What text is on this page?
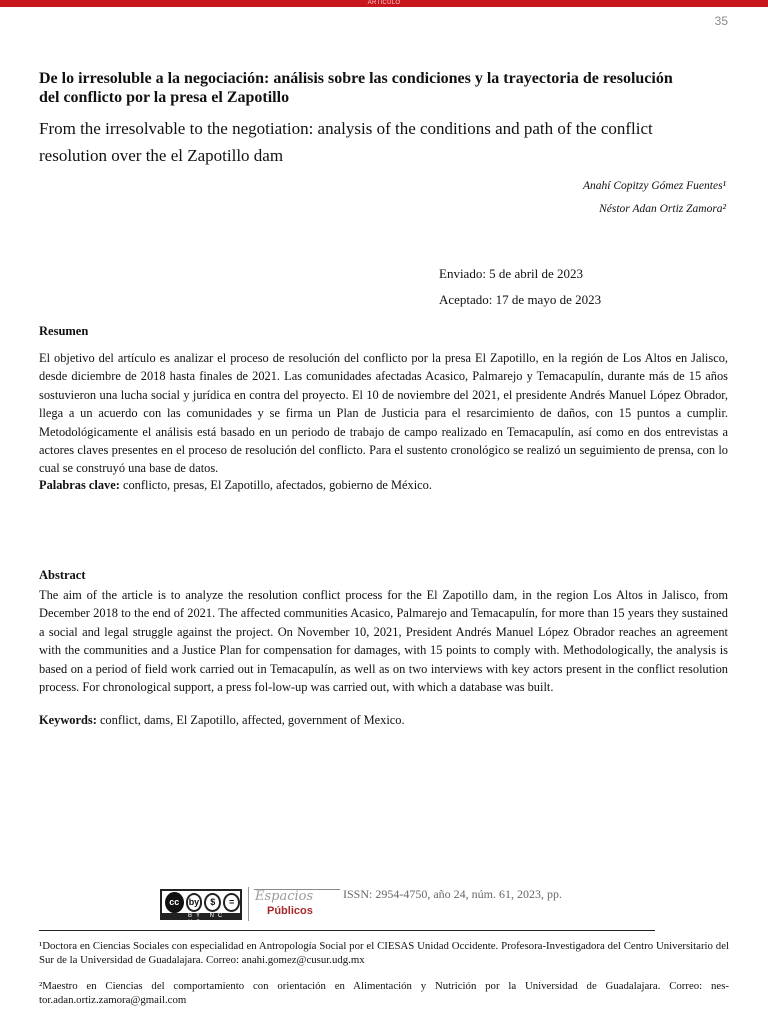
ARTÍCULO
35
De lo irresoluble a la negociación: análisis sobre las condiciones y la trayectoria de resolución del conflicto por la presa el Zapotillo
From the irresolvable to the negotiation: analysis of the conditions and path of the conflict resolution over the el Zapotillo dam
Anahí Copitzy Gómez Fuentes¹
Néstor Adan Ortiz Zamora²
Enviado: 5 de abril de 2023
Aceptado: 17 de mayo de 2023
Resumen

El objetivo del artículo es analizar el proceso de resolución del conflicto por la presa El Zapotillo, en la región de Los Altos en Jalisco, desde diciembre de 2018 hasta finales de 2021. Las comunidades afectadas Acasico, Palmarejo y Temacapulín, durante más de 15 años sostuvieron una lucha social y jurídica en contra del proyecto. El 10 de noviembre del 2021, el presidente Andrés Manuel López Obrador, llega a un acuerdo con las comunidades y se firma un Plan de Justicia para el resarcimiento de daños, con 15 puntos a cumplir. Metodológicamente el análisis está basado en un periodo de trabajo de campo realizado en Temacapulín, así como en dos entrevistas a actores claves presentes en el proceso de resolución del conflicto. Para el sustento cronológico se realizó un seguimiento de prensa, con lo cual se construyó una base de datos.

Palabras clave: conflicto, presas, El Zapotillo, afectados, gobierno de México.
Abstract

The aim of the article is to analyze the resolution conflict process for the El Zapotillo dam, in the region Los Altos in Jalisco, from December 2018 to the end of 2021. The affected communities Acasico, Palmarejo and Temacapulín, for more than 15 years they sustained a social and legal struggle against the project. On November 10, 2021, President Andrés Manuel López Obrador reaches an agreement with the communities and a Justice Plan for compensation for damages, with 15 points to comply with. Methodologically, the analysis is based on a period of field work carried out in Temacapulín, as well as on two interviews with key actors present in the conflict resolution process. For chronological support, a press fol-low-up was carried out, with which a database was built.

Keywords: conflict, dams, El Zapotillo, affected, government of Mexico.
cc	by	$	=
BY NC ND
Espacios
Públicos
ISSN: 2954-4750, año 24, núm. 61, 2023, pp.

¹Doctora en Ciencias Sociales con especialidad en Antropología Social por el CIESAS Unidad Occidente. Profesora-Investigadora del Centro Universitario del Sur de la Universidad de Guadalajara. Correo: anahi.gomez@cusur.udg.mx

²Maestro en Ciencias del comportamiento con orientación en Alimentación y Nutrición por la Universidad de Guadalajara. Correo: nes-tor.adan.ortiz.zamora@gmail.com
